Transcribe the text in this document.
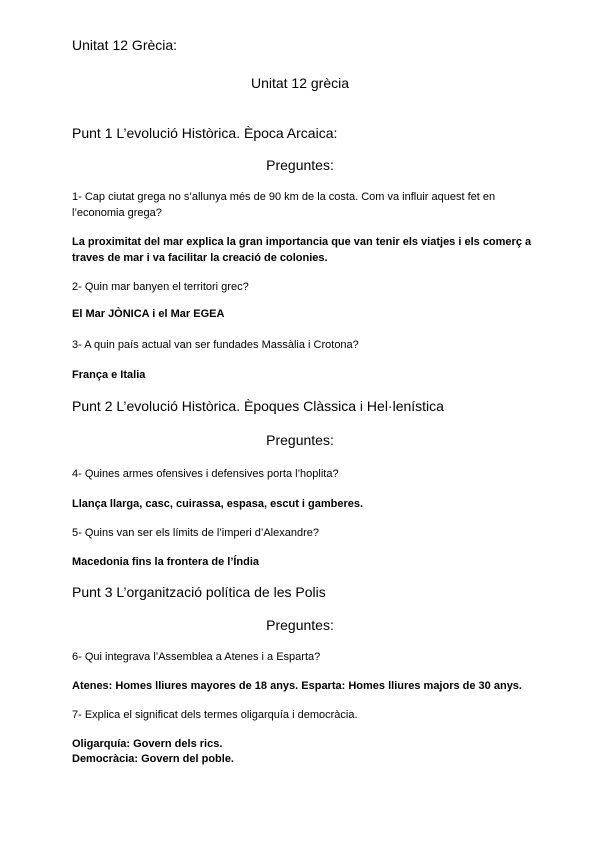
Unitat 12 Grècia:
Unitat 12 grècia
Punt 1 L’evolució Històrica. Època Arcaica:
Preguntes:
1- Cap ciutat grega no s’allunya més de 90 km de la costa. Com va influir aquest fet en l’economia grega?
La proximitat del mar explica la gran importancia que van tenir els viatjes i els comerç a traves de mar i va facilitar la creació de colonies.
2- Quin mar banyen el territori grec?
El Mar JÒNICA i el Mar EGEA
3- A quin país actual van ser fundades Massàlia i Crotona?
França e Italia
Punt 2 L’evolució Històrica. Èpoques Clàssica i Hel·lenística
Preguntes:
4- Quines armes ofensives i defensives porta l’hoplita?
Llança llarga, casc, cuirassa, espasa, escut i gamberes.
5- Quins van ser els límits de l’imperi d’Alexandre?
Macedonia fins la frontera de l’Índia
Punt 3 L’organització política de les Polis
Preguntes:
6- Qui integrava l’Assemblea a Atenes i a Esparta?
Atenes: Homes lliures mayores de 18 anys. Esparta: Homes lliures majors de 30 anys.
7- Explica el significat dels termes oligarquía i democràcia.
Oligarquía: Govern dels rics.
Democràcia: Govern del poble.
